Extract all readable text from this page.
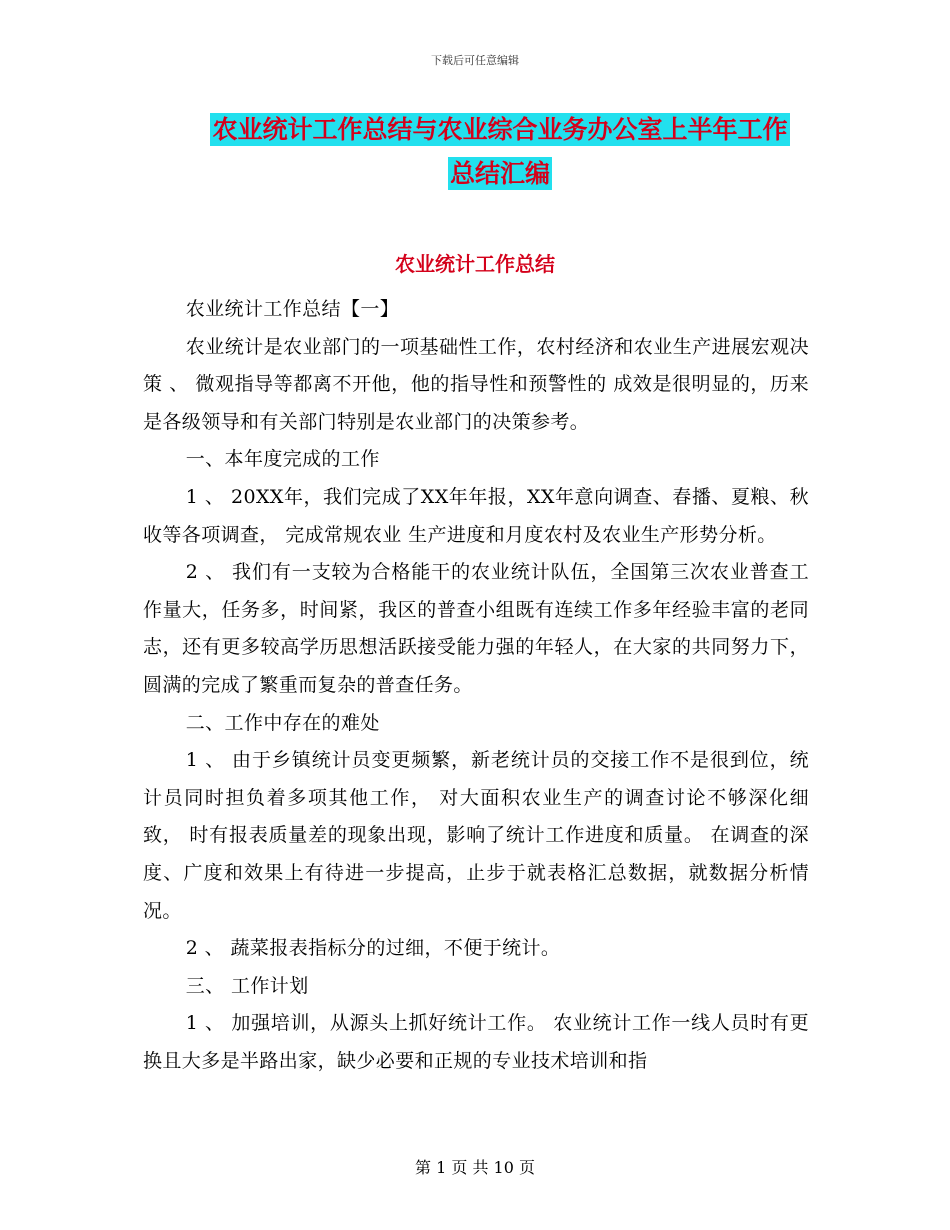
下载后可任意编辑
农业统计工作总结与农业综合业务办公室上半年工作
总结汇编
农业统计工作总结

农业统计工作总结【一】

农业统计是农业部门的一项基础性工作，农村经济和农业生产进展宏观决策 、 微观指导等都离不开他，他的指导性和预警性的 成效是很明显的，历来是各级领导和有关部门特别是农业部门的决策参考。

一、本年度完成的工作

1 、 20XX年，我们完成了XX年年报，XX年意向调查、春播、夏粮、秋收等各项调查， 完成常规农业 生产进度和月度农村及农业生产形势分析。

2 、 我们有一支较为合格能干的农业统计队伍，全国第三次农业普查工作量大，任务多，时间紧，我区的普查小组既有连续工作多年经验丰富的老同志，还有更多较高学历思想活跃接受能力强的年轻人，在大家的共同努力下，圆满的完成了繁重而复杂的普查任务。

二、工作中存在的难处

1 、 由于乡镇统计员变更频繁，新老统计员的交接工作不是很到位，统计员同时担负着多项其他工作， 对大面积农业生产的调查讨论不够深化细致， 时有报表质量差的现象出现，影响了统计工作进度和质量。 在调查的深度、广度和效果上有待进一步提高，止步于就表格汇总数据，就数据分析情况。

2 、 蔬菜报表指标分的过细，不便于统计。

三、 工作计划

1 、 加强培训，从源头上抓好统计工作。 农业统计工作一线人员时有更换且大多是半路出家，缺少必要和正规的专业技术培训和指

第 1 页 共 10 页
